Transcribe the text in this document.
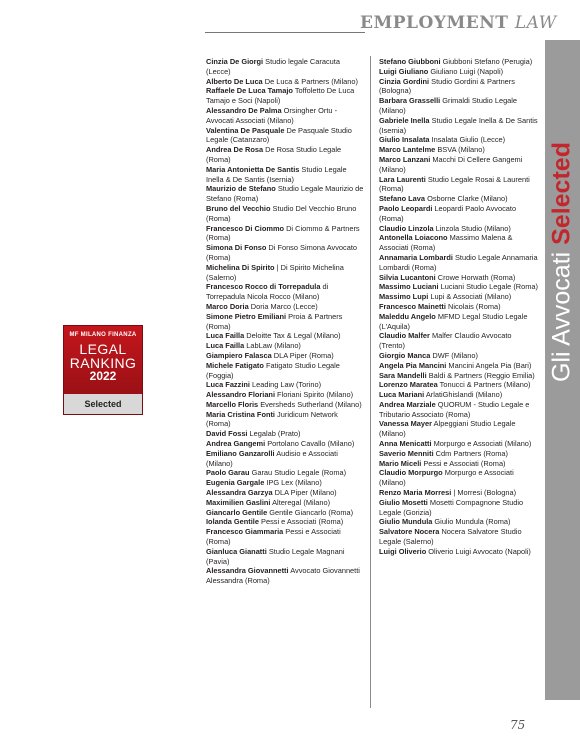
EMPLOYMENT LAW
Gli Avvocati Selected
MF MILANO FINANZA
LEGAL
RANKING
2022
Selected

Cinzia De Giorgi Studio legale Caracuta (Lecce)

Alberto De Luca De Luca & Partners (Milano)

Raffaele De Luca Tamajo Toffoletto De Luca Tamajo e Soci (Napoli)

Alessandro De Palma Orsingher Ortu - Avvocati Associati (Milano)

Valentina De Pasquale De Pasquale Studio Legale (Catanzaro)

Andrea De Rosa De Rosa Studio Legale (Roma)

Maria Antonietta De Santis Studio Legale Inella & De Santis (Isernia)

Maurizio de Stefano Studio Legale Maurizio de Stefano (Roma)

Bruno del Vecchio Studio Del Vecchio Bruno (Roma)

Francesco Di Ciommo Di Ciommo & Partners (Roma)

Simona Di Fonso Di Fonso Simona Avvocato (Roma)

Michelina Di Spirito | Di Spirito Michelina (Salerno)

Francesco Rocco di Torrepadula di Torrepadula Nicola Rocco (Milano)

Marco Doria Doria Marco (Lecce)

Simone Pietro Emiliani Proia & Partners (Roma)

Luca Failla Deloitte Tax & Legal (Milano)

Luca Failla LabLaw (Milano)

Giampiero Falasca DLA Piper (Roma)

Michele Fatigato Fatigato Studio Legale (Foggia)

Luca Fazzini Leading Law (Torino)

Alessandro Floriani Floriani Spirito (Milano)

Marcello Floris Eversheds Sutherland (Milano)

Maria Cristina Fonti Juridicum Network (Roma)

David Fossi Legalab (Prato)

Andrea Gangemi Portolano Cavallo (Milano)

Emiliano Ganzarolli Audisio e Associati (Milano)

Paolo Garau Garau Studio Legale (Roma)

Eugenia Gargale IPG Lex (Milano)

Alessandra Garzya DLA Piper (Milano)

Maximilien Gaslini Alteregal (Milano)

Giancarlo Gentile Gentile Giancarlo (Roma)

Iolanda Gentile Pessi e Associati (Roma)

Francesco Giammaria Pessi e Associati (Roma)

Gianluca Gianatti Studio Legale Magnani (Pavia)

Alessandra Giovannetti Avvocato Giovannetti Alessandra (Roma)

Stefano Giubboni Giubboni Stefano (Perugia)

Luigi Giuliano Giuliano Luigi (Napoli)

Cinzia Gordini Studio Gordini & Partners (Bologna)

Barbara Grasselli Grimaldi Studio Legale (Milano)

Gabriele Inella Studio Legale Inella & De Santis (Isernia)

Giulio Insalata Insalata Giulio (Lecce)

Marco Lantelme BSVA (Milano)

Marco Lanzani Macchi Di Cellere Gangemi (Milano)

Lara Laurenti Studio Legale Rosai & Laurenti (Roma)

Stefano Lava Osborne Clarke (Milano)

Paolo Leopardi Leopardi Paolo Avvocato (Roma)

Claudio Linzola Linzola Studio (Milano)

Antonella Loiacono Massimo Malena & Associati (Roma)

Annamaria Lombardi Studio Legale Annamaria Lombardi (Roma)

Silvia Lucantoni Crowe Horwath (Roma)

Massimo Luciani Luciani Studio Legale (Roma)

Massimo Lupi Lupi & Associati (Milano)

Francesco Mainetti Nicolais (Roma)

Maleddu Angelo MFMD Legal Studio Legale (L'Aquila)

Claudio Malfer Malfer Claudio Avvocato (Trento)

Giorgio Manca DWF (Milano)

Angela Pia Mancini Mancini Angela Pia (Bari)

Sara Mandelli Baldi & Partners (Reggio Emilia)

Lorenzo Maratea Tonucci & Partners (Milano)

Luca Mariani ArlatiGhislandi (Milano)

Andrea Marziale QUORUM - Studio Legale e Tributario Associato (Roma)

Vanessa Mayer Alpeggiani Studio Legale (Milano)

Anna Menicatti Morpurgo e Associati (Milano)

Saverio Menniti Cdm Partners (Roma)

Mario Miceli Pessi e Associati (Roma)

Claudio Morpurgo Morpurgo e Associati (Milano)

Renzo Maria Morresi | Morresi (Bologna)

Giulio Mosetti Mosetti Compagnone Studio Legale (Gorizia)

Giulio Mundula Giulio Mundula (Roma)

Salvatore Nocera Nocera Salvatore Studio Legale (Salerno)

Luigi Oliverio Oliverio Luigi Avvocato (Napoli)

75
